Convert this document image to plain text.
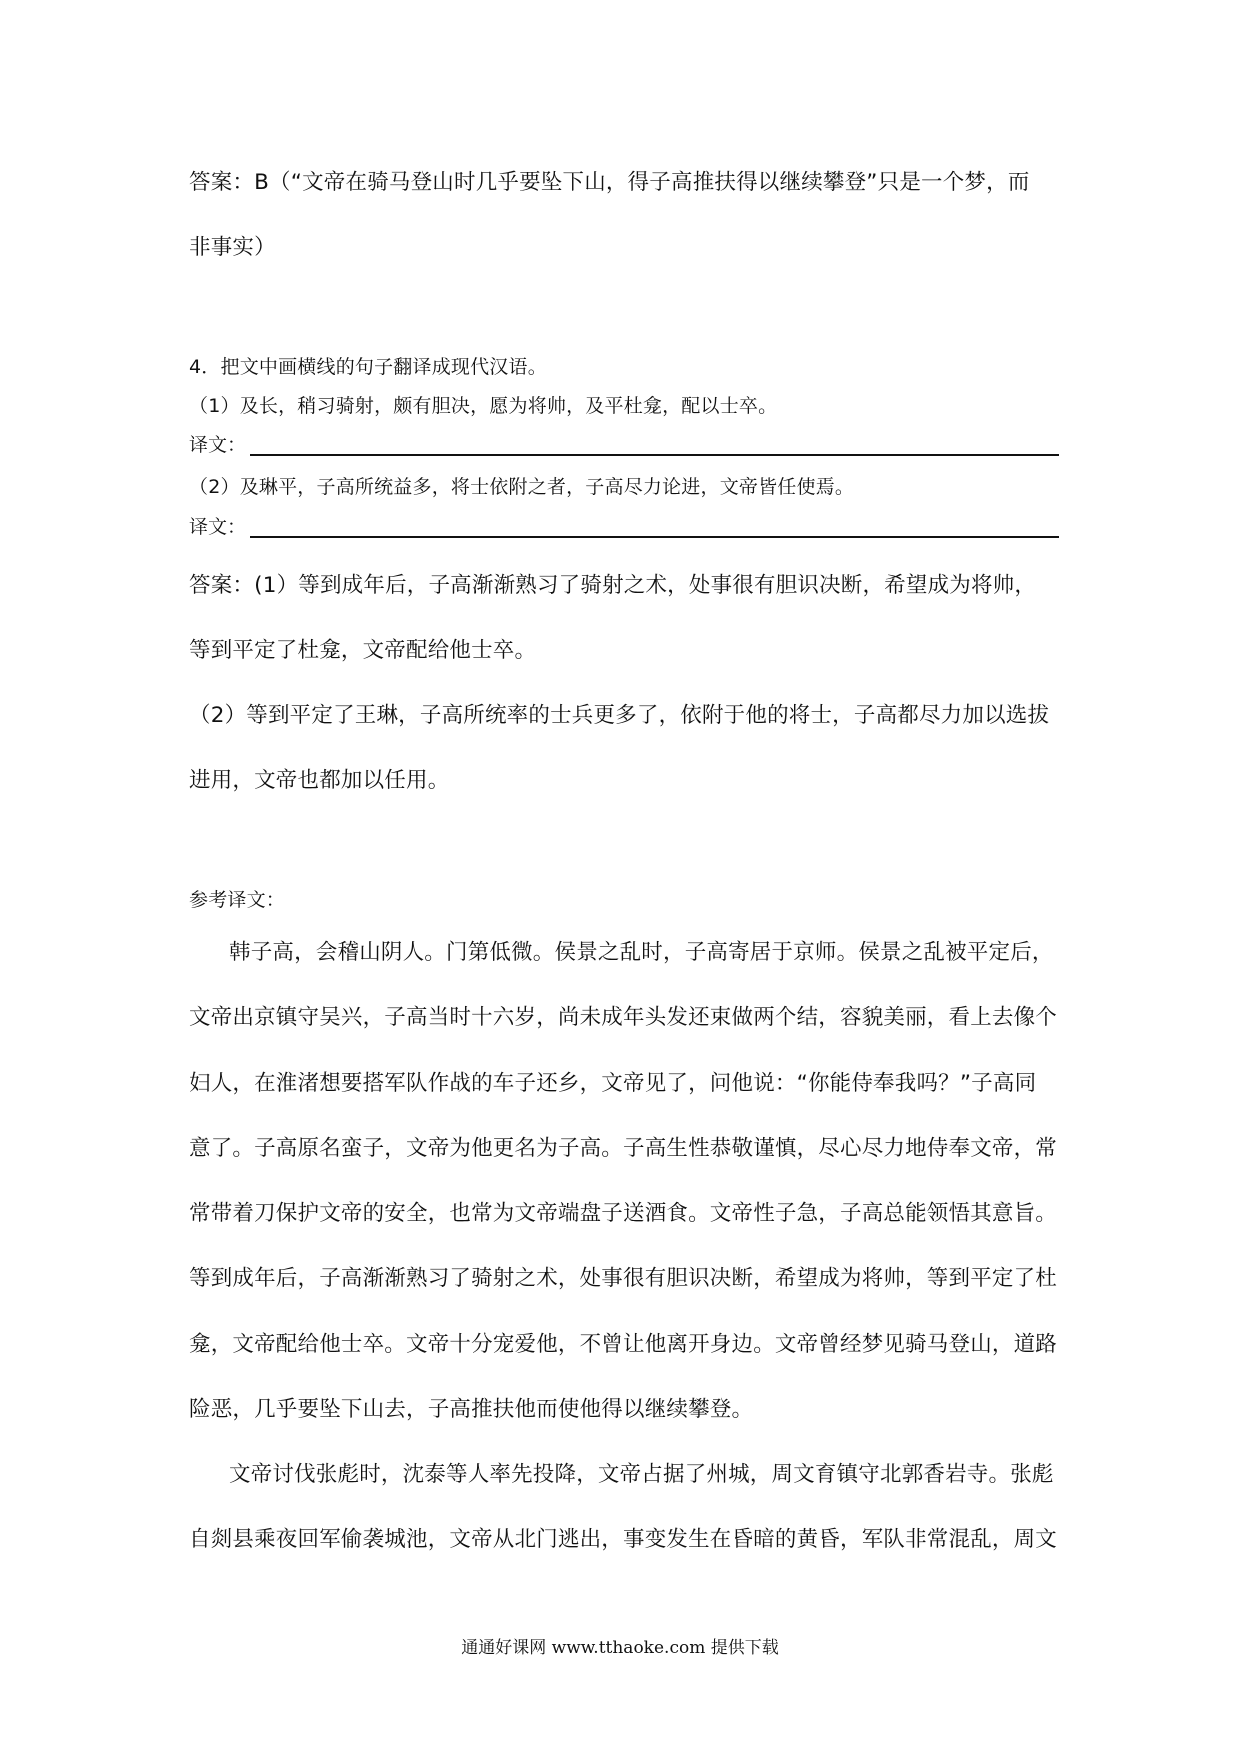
答案：B（“文帝在骑马登山时几乎要坠下山，得子高推扶得以继续攀登”只是一个梦，而
非事实）
4．把文中画横线的句子翻译成现代汉语。
（1）及长，稍习骑射，颇有胆决，愿为将帅，及平杜龛，配以士卒。
译文：
（2）及琳平，子高所统益多，将士依附之者，子高尽力论进，文帝皆任使焉。
译文：
答案：(1）等到成年后，子高渐渐熟习了骑射之术，处事很有胆识决断，希望成为将帅，
等到平定了杜龛，文帝配给他士卒。
（2）等到平定了王琳，子高所统率的士兵更多了，依附于他的将士，子高都尽力加以选拔
进用，文帝也都加以任用。
参考译文：
韩子高，会稽山阴人。门第低微。侯景之乱时，子高寄居于京师。侯景之乱被平定后，
文帝出京镇守吴兴，子高当时十六岁，尚未成年头发还束做两个结，容貌美丽，看上去像个
妇人，在淮渚想要搭军队作战的车子还乡，文帝见了，问他说：“你能侍奉我吗？”子高同
意了。子高原名蛮子，文帝为他更名为子高。子高生性恭敬谨慎，尽心尽力地侍奉文帝，常
常带着刀保护文帝的安全，也常为文帝端盘子送酒食。文帝性子急，子高总能领悟其意旨。
等到成年后，子高渐渐熟习了骑射之术，处事很有胆识决断，希望成为将帅，等到平定了杜
龛，文帝配给他士卒。文帝十分宠爱他，不曾让他离开身边。文帝曾经梦见骑马登山，道路
险恶，几乎要坠下山去，子高推扶他而使他得以继续攀登。
文帝讨伐张彪时，沈泰等人率先投降，文帝占据了州城，周文育镇守北郭香岩寺。张彪
自剡县乘夜回军偷袭城池，文帝从北门逃出，事变发生在昏暗的黄昏，军队非常混乱，周文
通通好课网 www.tthaoke.com 提供下载
